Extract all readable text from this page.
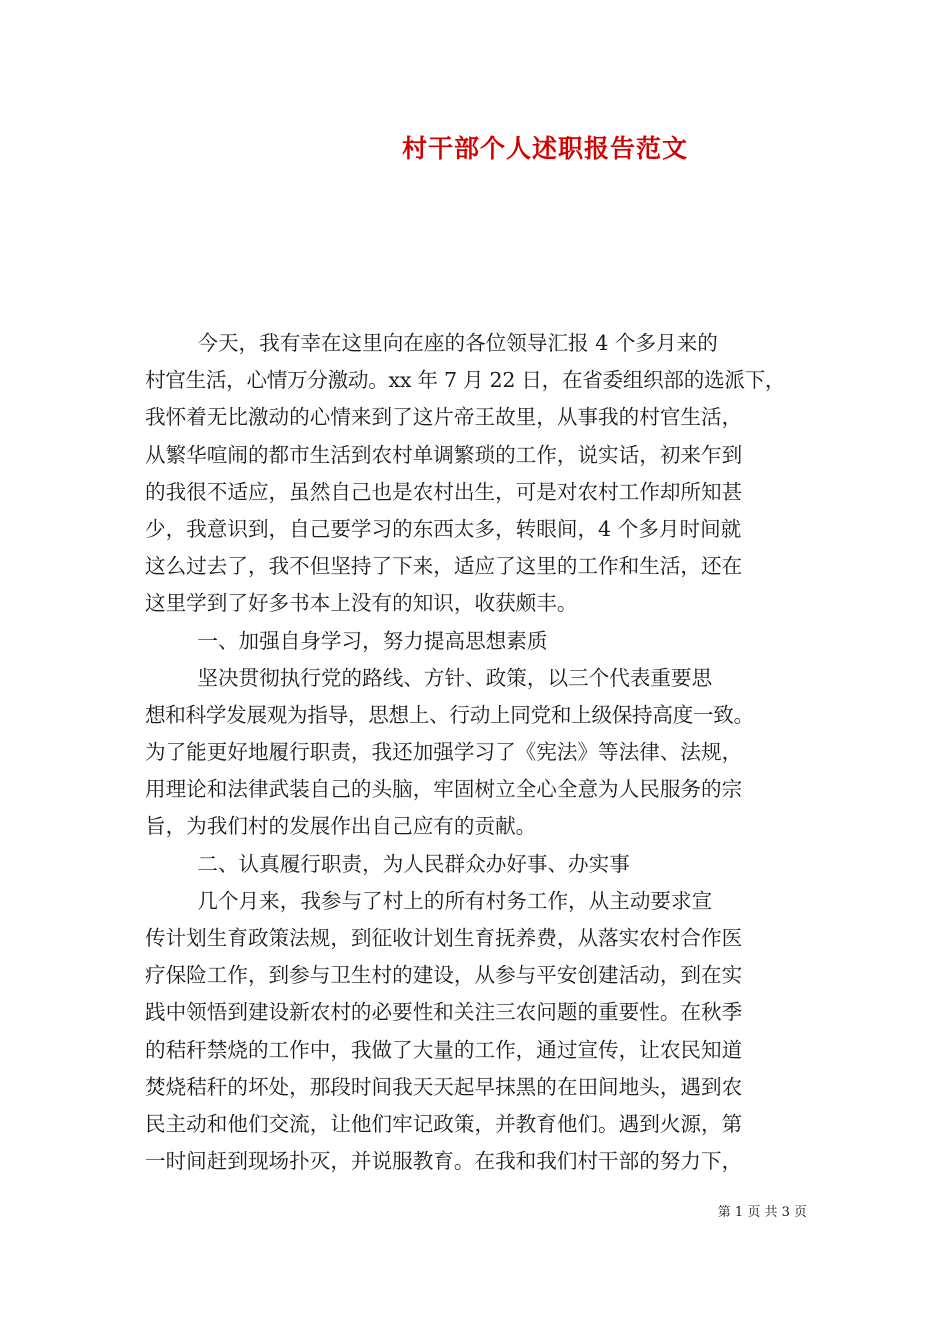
村干部个人述职报告范文
今天，我有幸在这里向在座的各位领导汇报 4 个多月来的
村官生活，心情万分激动。xx 年 7 月 22 日，在省委组织部的选派下，
我怀着无比激动的心情来到了这片帝王故里，从事我的村官生活，
从繁华喧闹的都市生活到农村单调繁琐的工作，说实话，初来乍到
的我很不适应，虽然自己也是农村出生，可是对农村工作却所知甚
少，我意识到，自己要学习的东西太多，转眼间，4 个多月时间就
这么过去了，我不但坚持了下来，适应了这里的工作和生活，还在
这里学到了好多书本上没有的知识，收获颇丰。
一、加强自身学习，努力提高思想素质
坚决贯彻执行党的路线、方针、政策，以三个代表重要思
想和科学发展观为指导，思想上、行动上同党和上级保持高度一致。
为了能更好地履行职责，我还加强学习了《宪法》等法律、法规，
用理论和法律武装自己的头脑，牢固树立全心全意为人民服务的宗
旨，为我们村的发展作出自己应有的贡献。
二、认真履行职责，为人民群众办好事、办实事
几个月来，我参与了村上的所有村务工作，从主动要求宣
传计划生育政策法规，到征收计划生育抚养费，从落实农村合作医
疗保险工作，到参与卫生村的建设，从参与平安创建活动，到在实
践中领悟到建设新农村的必要性和关注三农问题的重要性。在秋季
的秸秆禁烧的工作中，我做了大量的工作，通过宣传，让农民知道
焚烧秸秆的坏处，那段时间我天天起早抹黑的在田间地头，遇到农
民主动和他们交流，让他们牢记政策，并教育他们。遇到火源，第
一时间赶到现场扑灭，并说服教育。在我和我们村干部的努力下，
第 1 页 共 3 页
